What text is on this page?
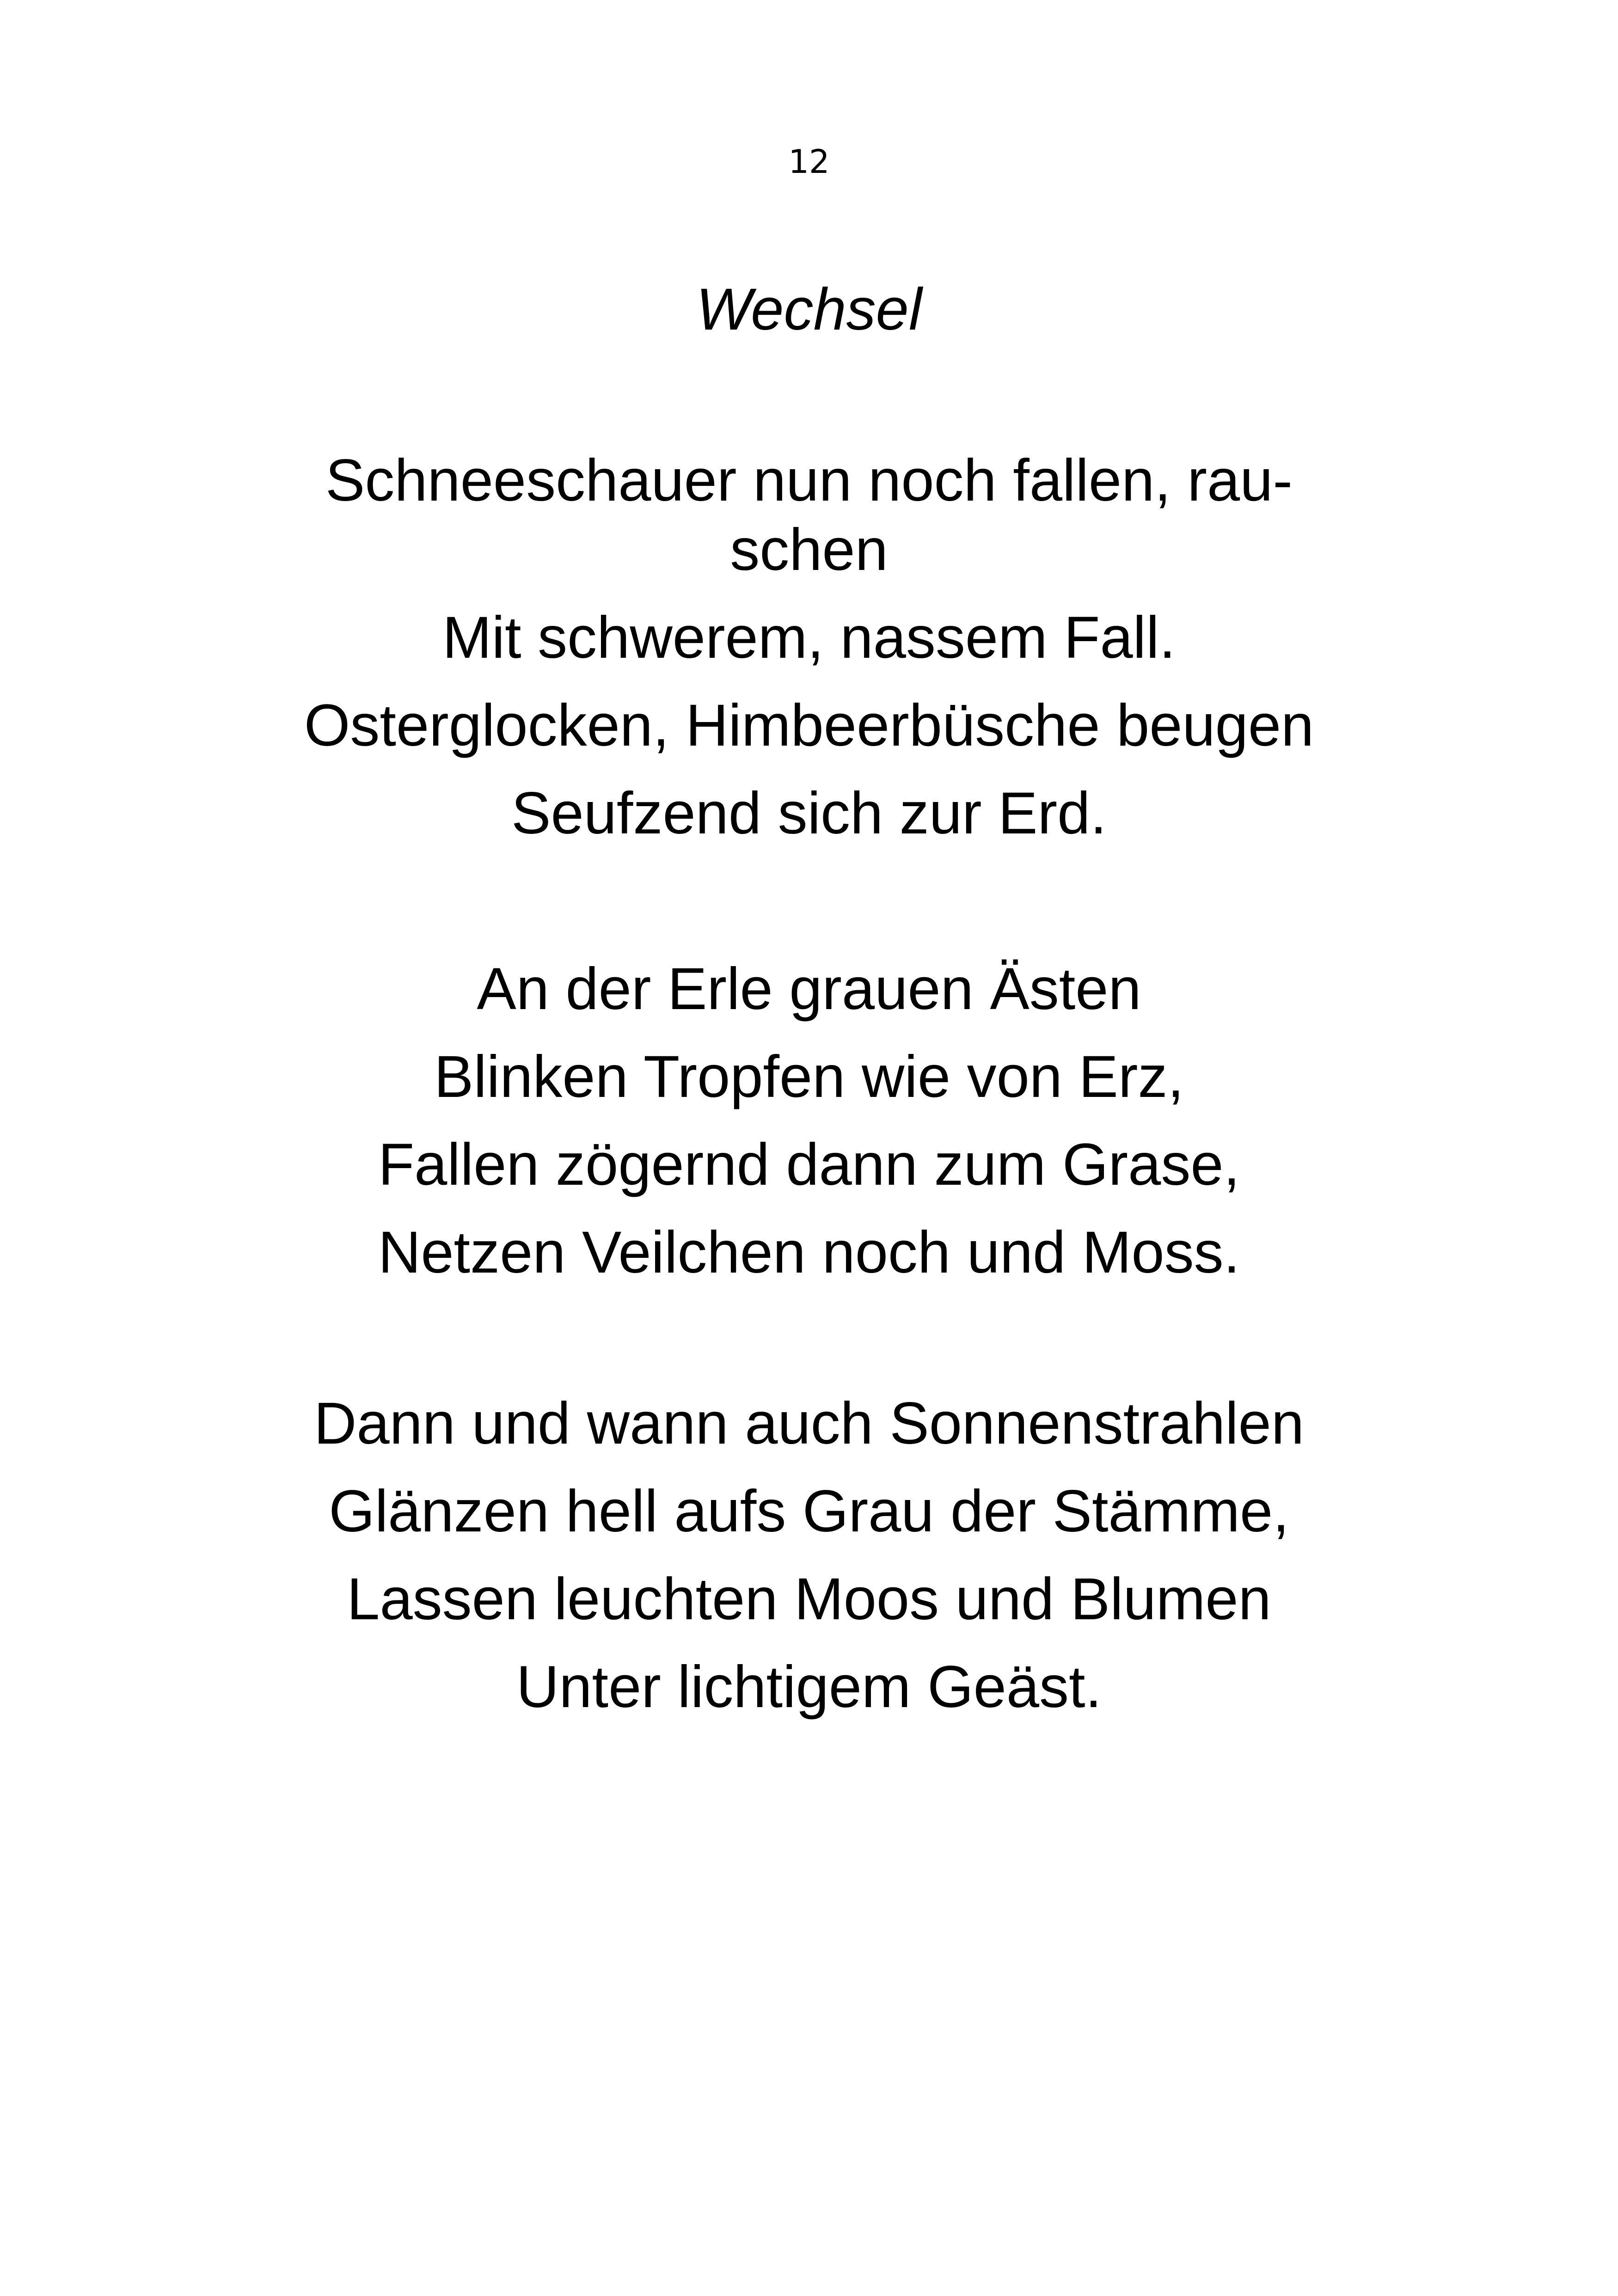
12
Wechsel
Schneeschauer nun noch fallen, rau-
schen
Mit schwerem, nassem Fall.
Osterglocken, Himbeerbüsche beugen
Seufzend sich zur Erd.
An der Erle grauen Ästen
Blinken Tropfen wie von Erz,
Fallen zögernd dann zum Grase,
Netzen Veilchen noch und Moss.
Dann und wann auch Sonnenstrahlen
Glänzen hell aufs Grau der Stämme,
Lassen leuchten Moos und Blumen
Unter lichtigem Geäst.
